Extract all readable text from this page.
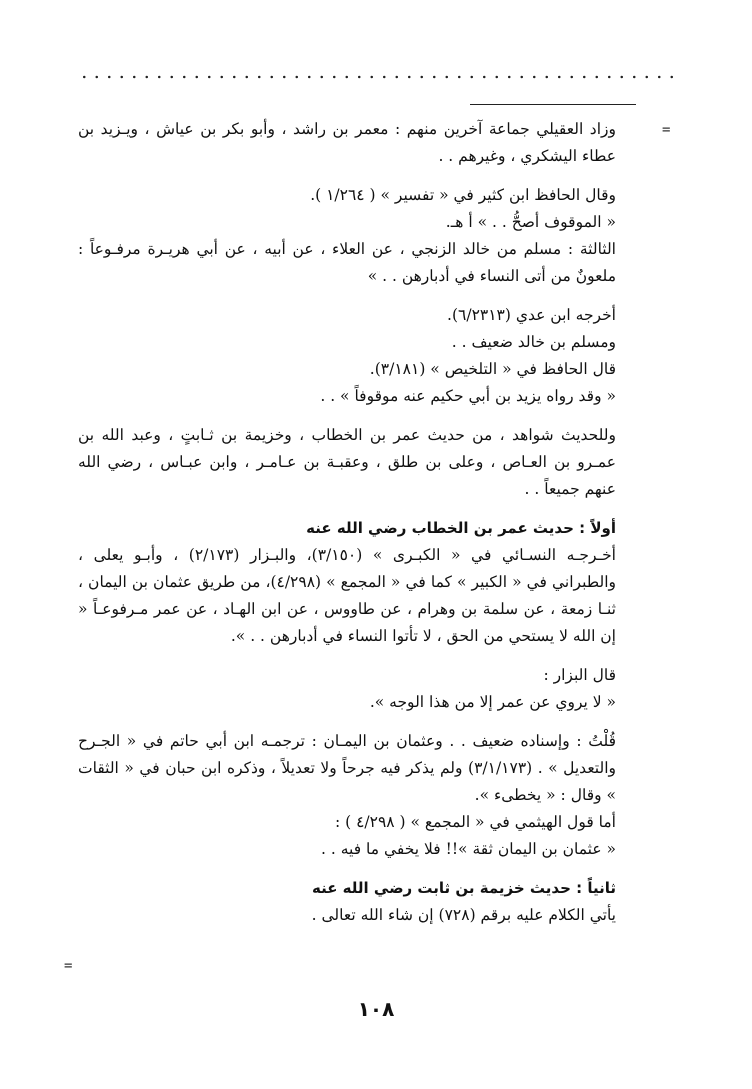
=
=

وزاد العقيلي جماعة آخرين منهم : معمر بن راشد ، وأبو بكر بن عياش ، ويـزيد بن عطاء اليشكري ، وغيرهم . .

وقال الحافظ ابن كثير في « تفسير » ( ١/٢٦٤ ).

« الموقوف أصحُّ . . » أ هـ.

الثالثة : مسلم من خالد الزنجي ، عن العلاء ، عن أبيه ، عن أبي هريـرة مرفـوعاً : ملعونٌ من أتى النساء في أدبارهن . . »

أخرجه ابن عدي (٦/٢٣١٣).

ومسلم بن خالد ضعيف . .

قال الحافظ في « التلخيص » (٣/١٨١).

« وقد رواه يزيد بن أبي حكيم عنه موقوفاً » . .

وللحديث شواهد ، من حديث عمر بن الخطاب ، وخزيمة بن ثـابتٍ ، وعبد الله بن عمـرو بن العـاص ، وعلى بن طلق ، وعقبـة بن عـامـر ، وابن عبـاس ، رضي الله عنهم جميعاً . .

أولاً : حديث عمر بن الخطاب رضي الله عنه

أخـرجـه النسـائي في « الكبـرى » (٣/١٥٠)، والبـزار (٢/١٧٣) ، وأبـو يعلى ، والطبراني في « الكبير » كما في « المجمع » (٤/٢٩٨)، من طريق عثمان بن اليمان ، ثنـا زمعة ، عن سلمة بن وهرام ، عن طاووس ، عن ابن الهـاد ، عن عمر مـرفوعـاً « إن الله لا يستحي من الحق ، لا تأتوا النساء في أدبارهن . . ».

قال البزار :

« لا يروي عن عمر إلا من هذا الوجه ».

قُلْتُ : وإسناده ضعيف . . وعثمان بن اليمـان : ترجمـه ابن أبي حاتم في « الجـرح والتعديل » . (٣/١/١٧٣) ولم يذكر فيه جرحاً ولا تعديلاً ، وذكره ابن حبان في « الثقات » وقال : « يخطىء ».

أما قول الهيثمي في « المجمع » ( ٤/٢٩٨ ) :

« عثمان بن اليمان ثقة »!! فلا يخفي ما فيه . .

ثانياً : حديث خزيمة بن ثابت رضي الله عنه

يأتي الكلام عليه برقم (٧٢٨) إن شاء الله تعالى .

١٠٨
